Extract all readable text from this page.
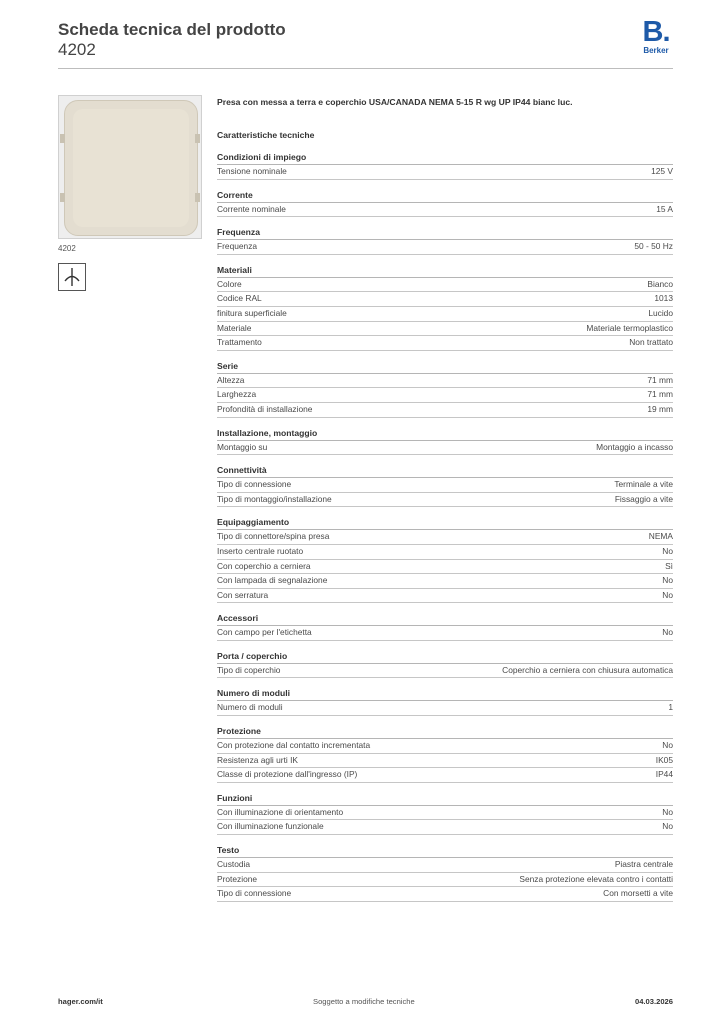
Scheda tecnica del prodotto
4202
B.
Berker
4202
Presa con messa a terra e coperchio USA/CANADA NEMA 5-15 R wg UP IP44 bianc luc.
Caratteristiche tecniche
Condizioni di impiego
Tensione nominale	125 V
Corrente
Corrente nominale	15 A
Frequenza
Frequenza	50 - 50 Hz
Materiali
Colore	Bianco
Codice RAL	1013
finitura superficiale	Lucido
Materiale	Materiale termoplastico
Trattamento	Non trattato
Serie
Altezza	71 mm
Larghezza	71 mm
Profondità di installazione	19 mm
Installazione, montaggio
Montaggio su	Montaggio a incasso
Connettività
Tipo di connessione	Terminale a vite
Tipo di montaggio/installazione	Fissaggio a vite
Equipaggiamento
Tipo di connettore/spina presa	NEMA
Inserto centrale ruotato	No
Con coperchio a cerniera	Sì
Con lampada di segnalazione	No
Con serratura	No
Accessori
Con campo per l'etichetta	No
Porta / coperchio
Tipo di coperchio	Coperchio a cerniera con chiusura automatica
Numero di moduli
Numero di moduli	1
Protezione
Con protezione dal contatto incrementata	No
Resistenza agli urti IK	IK05
Classe di protezione dall'ingresso (IP)	IP44
Funzioni
Con illuminazione di orientamento	No
Con illuminazione funzionale	No
Testo
Custodia	Piastra centrale
Protezione	Senza protezione elevata contro i contatti
Tipo di connessione	Con morsetti a vite
hager.com/it	Soggetto a modifiche tecniche	04.03.2026
